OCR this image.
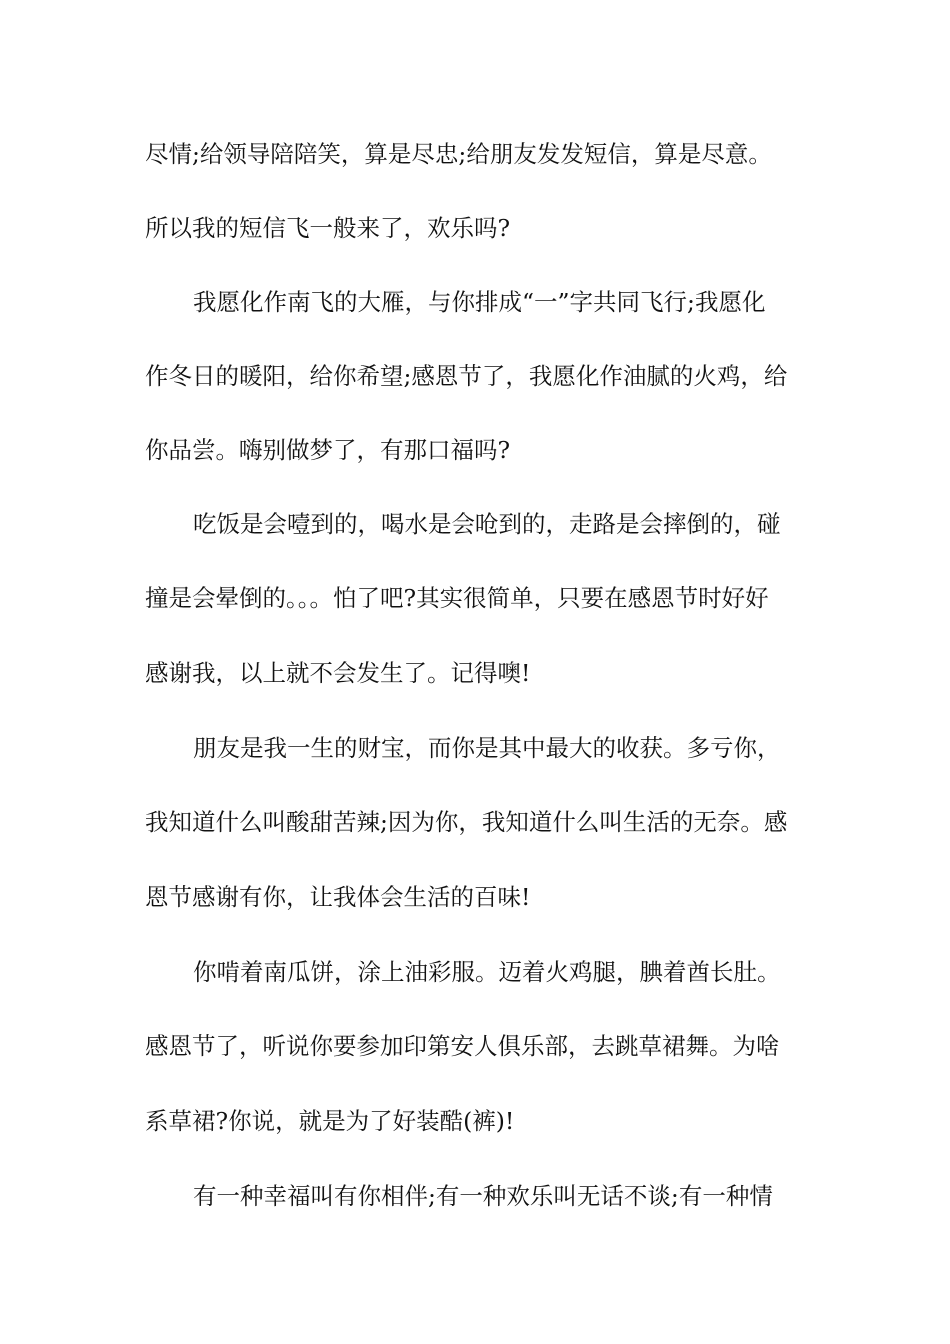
尽情;给领导陪陪笑，算是尽忠;给朋友发发短信，算是尽意。
所以我的短信飞一般来了，欢乐吗?
我愿化作南飞的大雁，与你排成“一”字共同飞行;我愿化
作冬日的暖阳，给你希望;感恩节了，我愿化作油腻的火鸡，给
你品尝。嗨别做梦了，有那口福吗?
吃饭是会噎到的，喝水是会呛到的，走路是会摔倒的，碰
撞是会晕倒的。。。怕了吧?其实很简单，只要在感恩节时好好
感谢我，以上就不会发生了。记得噢!
朋友是我一生的财宝，而你是其中最大的收获。多亏你，
我知道什么叫酸甜苦辣;因为你，我知道什么叫生活的无奈。感
恩节感谢有你，让我体会生活的百味!
你啃着南瓜饼，涂上油彩服。迈着火鸡腿，腆着酋长肚。
感恩节了，听说你要参加印第安人俱乐部，去跳草裙舞。为啥
系草裙?你说，就是为了好装酷(裤)!
有一种幸福叫有你相伴;有一种欢乐叫无话不谈;有一种情
